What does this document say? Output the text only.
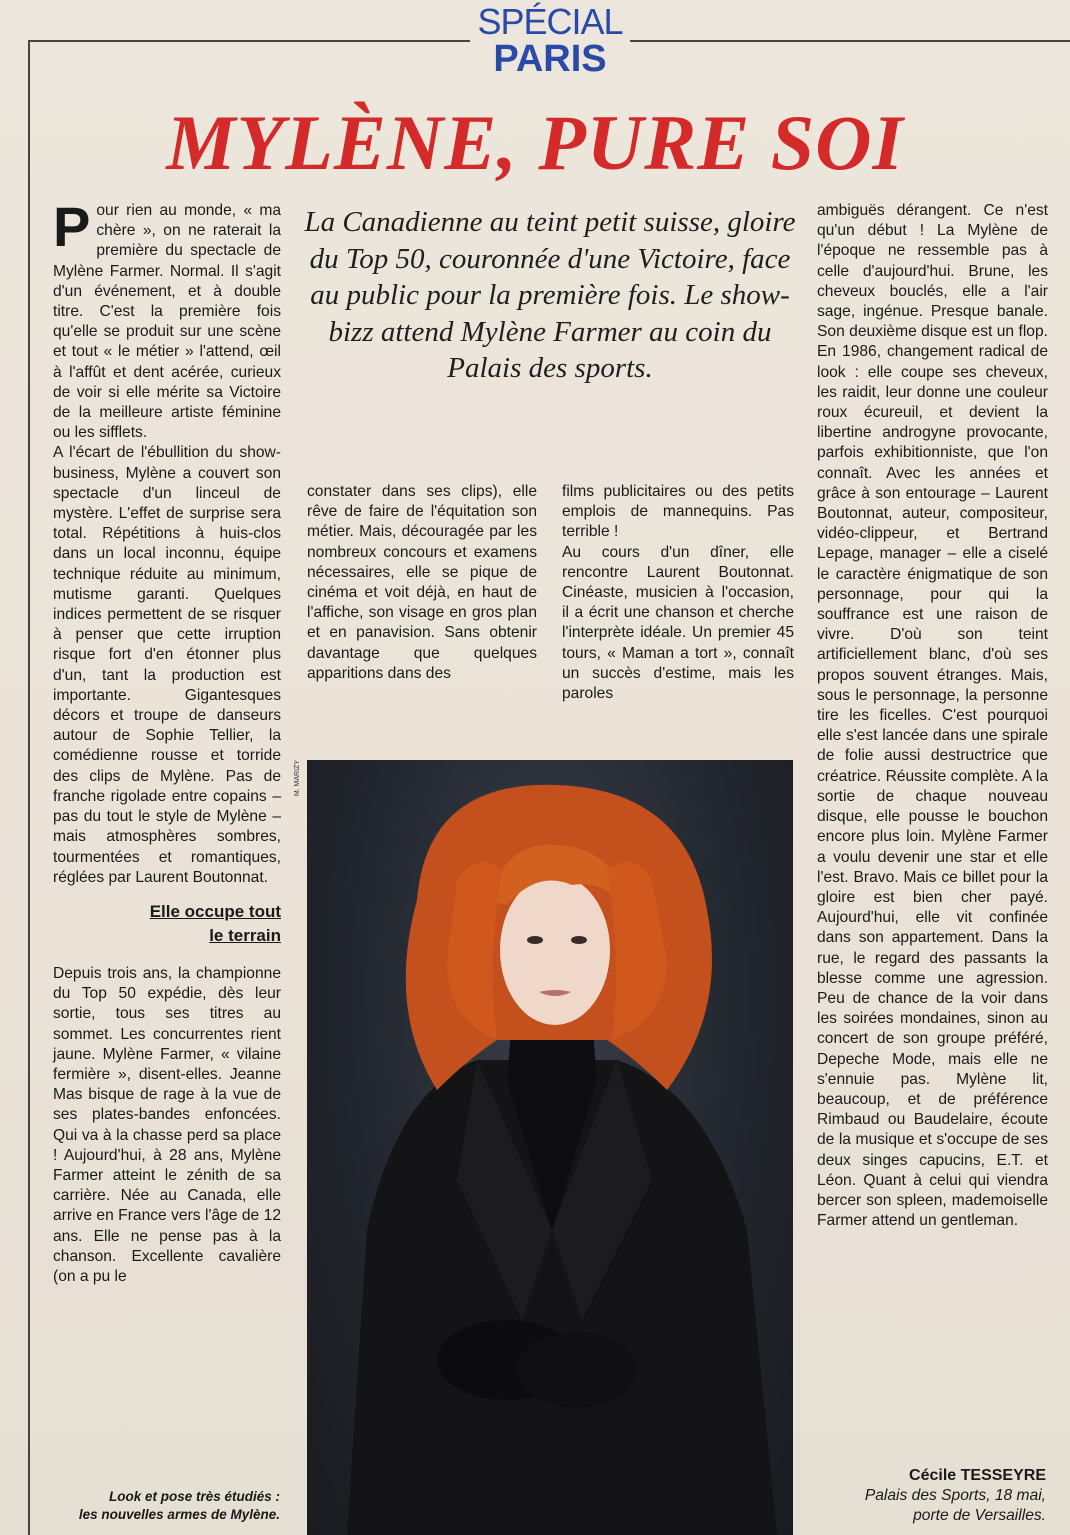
SPÉCIAL
PARIS
MYLÈNE, PURE SOI
La Canadienne au teint petit suisse, gloire du Top 50, couronnée d'une Victoire, face au public pour la première fois. Le show-bizz attend Mylène Farmer au coin du Palais des sports.

Pour rien au monde, « ma chère », on ne raterait la première du spectacle de Mylène Farmer. Normal. Il s'agit d'un événement, et à double titre. C'est la première fois qu'elle se produit sur une scène et tout « le métier » l'attend, œil à l'affût et dent acérée, curieux de voir si elle mérite sa Victoire de la meilleure artiste féminine ou les sifflets.

A l'écart de l'ébullition du show-business, Mylène a couvert son spectacle d'un linceul de mystère. L'effet de surprise sera total. Répétitions à huis-clos dans un local inconnu, équipe technique réduite au minimum, mutisme garanti. Quelques indices permettent de se risquer à penser que cette irruption risque fort d'en étonner plus d'un, tant la production est importante. Gigantesques décors et troupe de danseurs autour de Sophie Tellier, la comédienne rousse et torride des clips de Mylène. Pas de franche rigolade entre copains – pas du tout le style de Mylène – mais atmosphères sombres, tourmentées et romantiques, réglées par Laurent Boutonnat.

Elle occupe tout
le terrain

Depuis trois ans, la championne du Top 50 expédie, dès leur sortie, tous ses titres au sommet. Les concurrentes rient jaune. Mylène Farmer, « vilaine fermière », disent-elles. Jeanne Mas bisque de rage à la vue de ses plates-bandes enfoncées. Qui va à la chasse perd sa place ! Aujourd'hui, à 28 ans, Mylène Farmer atteint le zénith de sa carrière. Née au Canada, elle arrive en France vers l'âge de 12 ans. Elle ne pense pas à la chanson. Excellente cavalière (on a pu le

constater dans ses clips), elle rêve de faire de l'équitation son métier. Mais, découragée par les nombreux concours et examens nécessaires, elle se pique de cinéma et voit déjà, en haut de l'affiche, son visage en gros plan et en panavision. Sans obtenir davantage que quelques apparitions dans des

films publicitaires ou des petits emplois de mannequins. Pas terrible !

Au cours d'un dîner, elle rencontre Laurent Boutonnat. Cinéaste, musicien à l'occasion, il a écrit une chanson et cherche l'interprète idéale. Un premier 45 tours, « Maman a tort », connaît un succès d'estime, mais les paroles

ambiguës dérangent. Ce n'est qu'un début ! La Mylène de l'époque ne ressemble pas à celle d'aujourd'hui. Brune, les cheveux bouclés, elle a l'air sage, ingénue. Presque banale. Son deuxième disque est un flop. En 1986, changement radical de look : elle coupe ses cheveux, les raidit, leur donne une couleur roux écureuil, et devient la libertine androgyne provocante, parfois exhibitionniste, que l'on connaît. Avec les années et grâce à son entourage – Laurent Boutonnat, auteur, compositeur, vidéo-clippeur, et Bertrand Lepage, manager – elle a ciselé le caractère énigmatique de son personnage, pour qui la souffrance est une raison de vivre. D'où son teint artificiellement blanc, d'où ses propos souvent étranges. Mais, sous le personnage, la personne tire les ficelles. C'est pourquoi elle s'est lancée dans une spirale de folie aussi destructrice que créatrice. Réussite complète. A la sortie de chaque nouveau disque, elle pousse le bouchon encore plus loin. Mylène Farmer a voulu devenir une star et elle l'est. Bravo. Mais ce billet pour la gloire est bien cher payé. Aujourd'hui, elle vit confinée dans son appartement. Dans la rue, le regard des passants la blesse comme une agression. Peu de chance de la voir dans les soirées mondaines, sinon au concert de son groupe préféré, Depeche Mode, mais elle ne s'ennuie pas. Mylène lit, beaucoup, et de préférence Rimbaud ou Baudelaire, écoute de la musique et s'occupe de ses deux singes capucins, E.T. et Léon. Quant à celui qui viendra bercer son spleen, mademoiselle Farmer attend un gentleman.

M. MARIZY
Look et pose très étudiés :
les nouvelles armes de Mylène.
Cécile TESSEYRE
Palais des Sports, 18 mai,
porte de Versailles.
